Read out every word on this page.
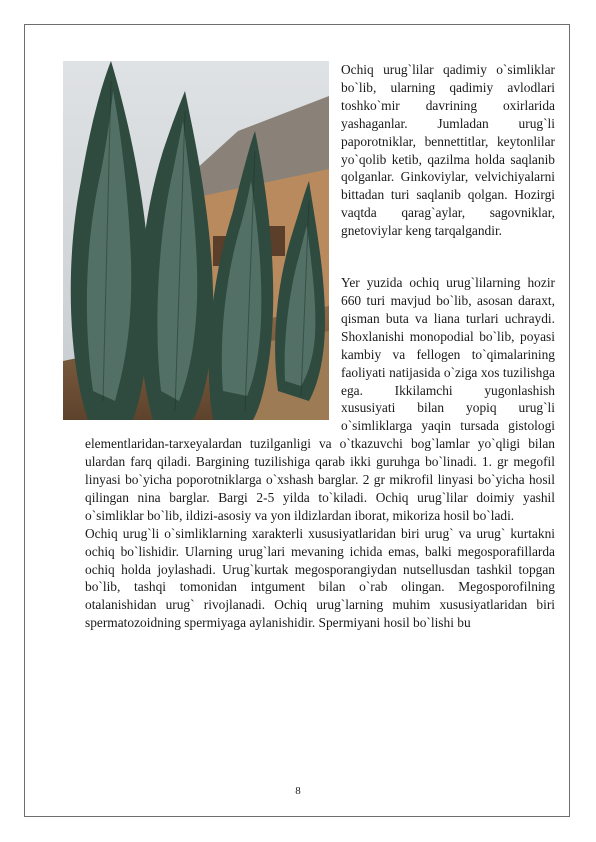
Ochiq urug`lilar qadimiy o`simliklar bo`lib, ularning qadimiy avlodlari toshko`mir davrining oxirlarida yashaganlar. Jumladan urug`li paporotniklar, bennettitlar, keytonlilar yo`qolib ketib, qazilma holda saqlanib qolganlar. Ginkoviylar, velvichiyalarni bittadan turi saqlanib qolgan. Hozirgi vaqtda qarag`aylar, sagovniklar, gnetoviylar keng tarqalgandir.

Yer yuzida ochiq urug`lilarning hozir 660 turi mavjud bo`lib, asosan daraxt, qisman buta va liana turlari uchraydi. Shoxlanishi monopodial bo`lib, poyasi kambiy va fellogen to`qimalarining faoliyati natijasida o`ziga xos tuzilishga ega. Ikkilamchi yugonlashish xususiyati bilan yopiq urug`li o`simliklarga yaqin tursada gistologi elementlaridan-tarxeyalardan tuzilganligi va o`tkazuvchi bog`lamlar yo`qligi bilan ulardan farq qiladi. Bargining tuzilishiga qarab ikki guruhga bo`linadi. 1. gr megofil linyasi bo`yicha poporotniklarga o`xshash barglar. 2 gr mikrofil linyasi bo`yicha hosil qilingan nina barglar. Bargi 2-5 yilda to`kiladi. Ochiq urug`lilar doimiy yashil o`simliklar bo`lib, ildizi-asosiy va yon ildizlardan iborat, mikoriza hosil bo`ladi.

Ochiq urug`li o`simliklarning xarakterli xususiyatlaridan biri urug` va urug` kurtakni ochiq bo`lishidir. Ularning urug`lari mevaning ichida emas, balki megosporafillarda ochiq holda joylashadi. Urug`kurtak megosporangiydan nutsellusdan tashkil topgan bo`lib, tashqi tomonidan intgument bilan o`rab olingan. Megosporofilning otalanishidan urug` rivojlanadi. Ochiq urug`larning muhim xususiyatlaridan biri spermatozoidning spermiyaga aylanishidir. Spermiyani hosil bo`lishi bu

8
